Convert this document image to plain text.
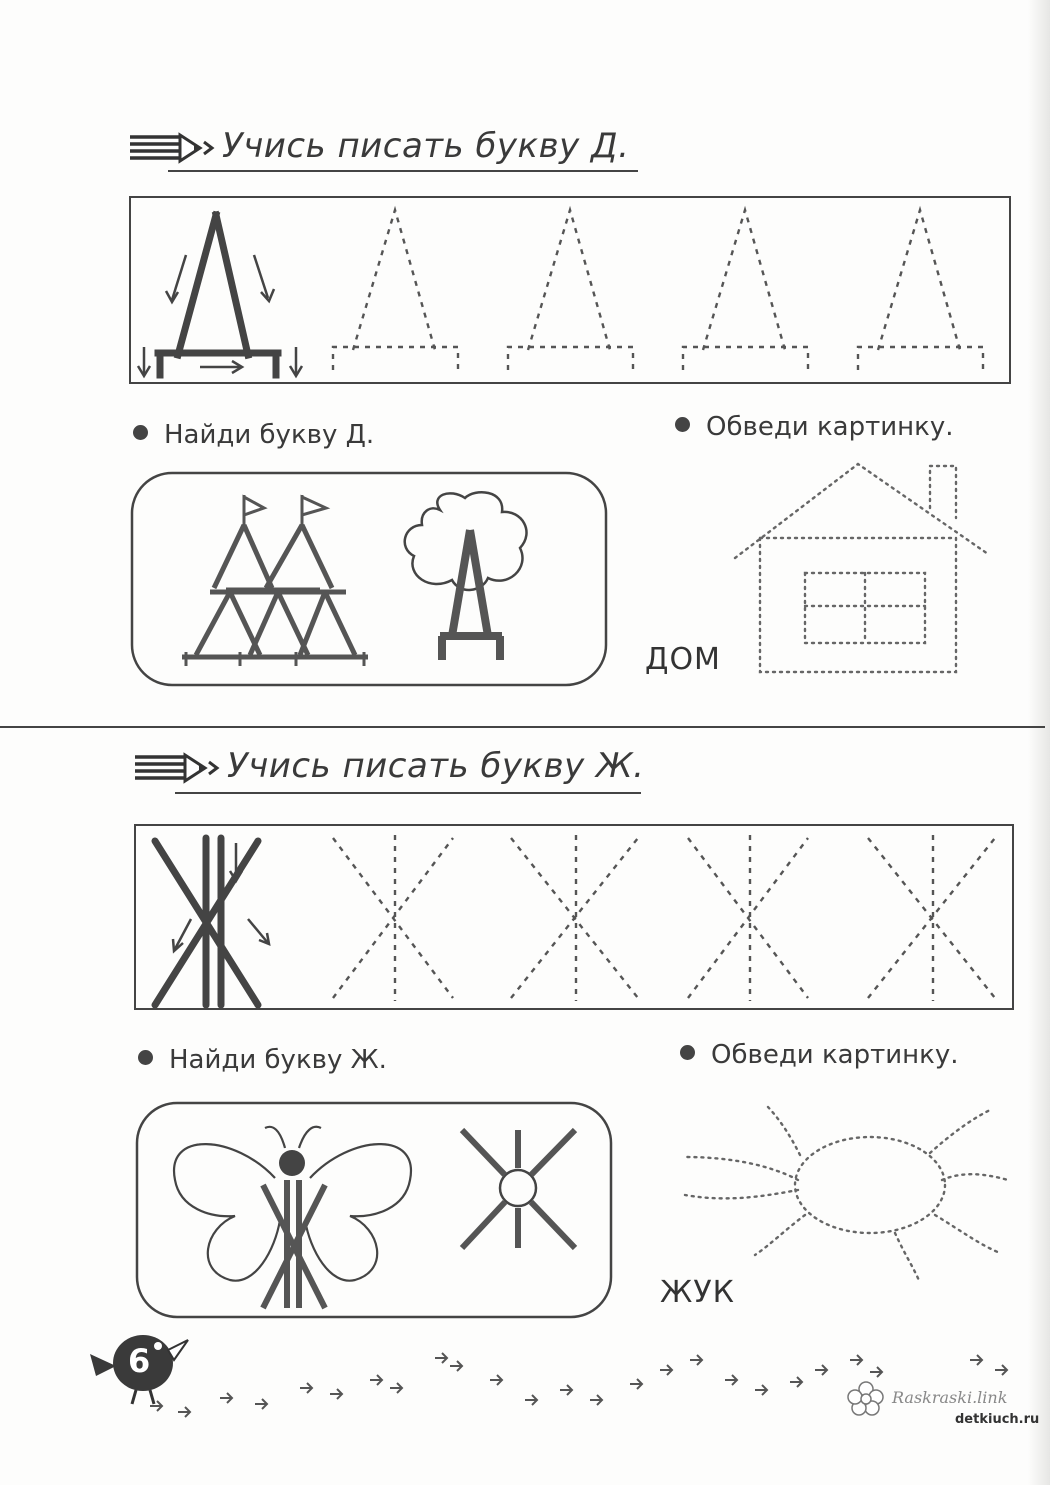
Учись писать букву Д.
Найди букву Д.	Обведи картинку.
ДОМ
Учись писать букву Ж.
Найди букву Ж.	Обведи картинку.
ЖУК
6
Raskraski.link
detkiuch.ru
